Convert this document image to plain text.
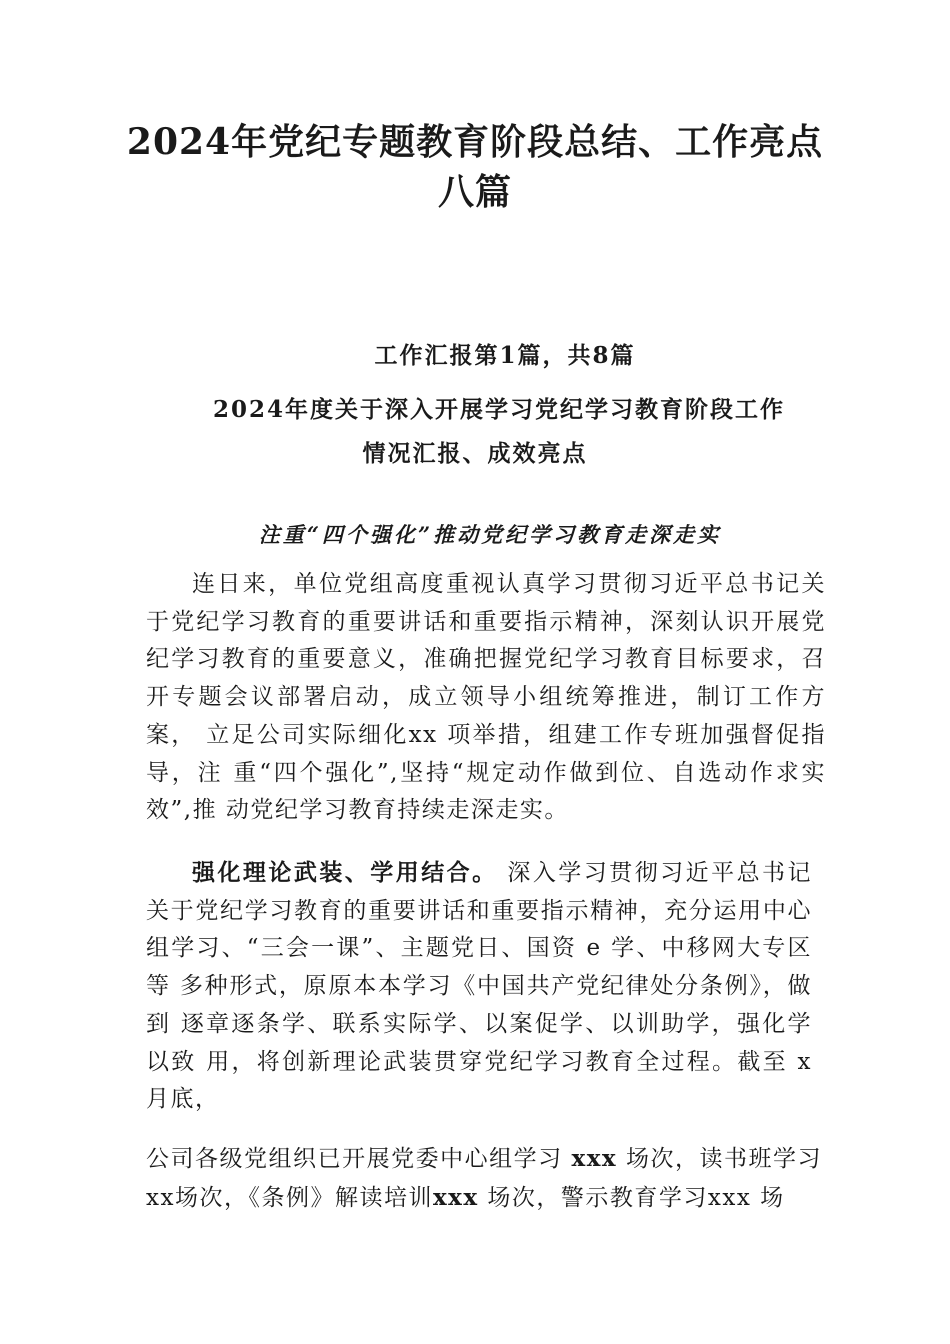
2024年党纪专题教育阶段总结、工作亮点
八篇
工作汇报第1篇，共8篇
2024年度关于深入开展学习党纪学习教育阶段工作
情况汇报、成效亮点
注重“四个强化”推动党纪学习教育走深走实

连日来，单位党组高度重视认真学习贯彻习近平总书记关于党纪学习教育的重要讲话和重要指示精神，深刻认识开展党纪学习教育的重要意义，准确把握党纪学习教育目标要求，召开专题会议部署启动，成立领导小组统筹推进，制订工作方案， 立足公司实际细化xx 项举措，组建工作专班加强督促指导，注 重“四个强化”,坚持“规定动作做到位、自选动作求实效”,推 动党纪学习教育持续走深走实。

强化理论武装、学用结合。 深入学习贯彻习近平总书记关于党纪学习教育的重要讲话和重要指示精神，充分运用中心组学习、“三会一课”、主题党日、国资 e 学、中移网大专区等 多种形式，原原本本学习《中国共产党纪律处分条例》，做到 逐章逐条学、联系实际学、以案促学、以训助学，强化学以致 用，将创新理论武装贯穿党纪学习教育全过程。截至 x 月底，

公司各级党组织已开展党委中心组学习 xxx 场次，读书班学习xx场次，《条例》解读培训xxx 场次，警示教育学习xxx 场
